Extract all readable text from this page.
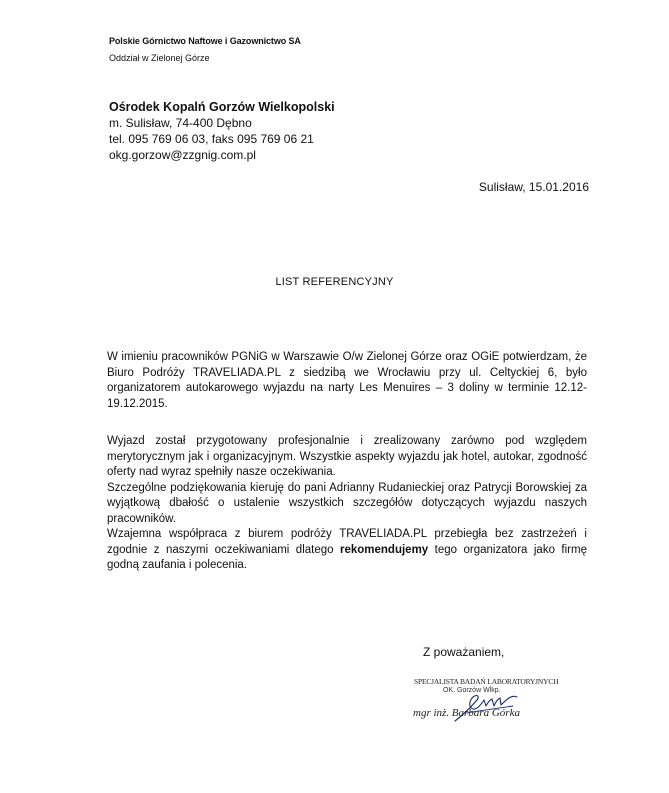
Polskie Górnictwo Naftowe i Gazownictwo SA
Oddział w Zielonej Górze
Ośrodek Kopalń Gorzów Wielkopolski
m. Sulisław, 74-400 Dębno
tel. 095 769 06 03, faks 095 769 06 21
okg.gorzow@zzgnig.com.pl
Sulisław, 15.01.2016
LIST REFERENCYJNY

W imieniu pracowników PGNiG w Warszawie O/w Zielonej Górze oraz OGiE potwierdzam, że Biuro Podróży TRAVELIADA.PL z siedzibą we Wrocławiu przy ul. Celtyckiej 6, było organizatorem autokarowego wyjazdu na narty Les Menuires – 3 doliny w terminie 12.12-19.12.2015.

Wyjazd został przygotowany profesjonalnie i zrealizowany zarówno pod względem merytorycznym jak i organizacyjnym. Wszystkie aspekty wyjazdu jak hotel, autokar, zgodność oferty nad wyraz spełniły nasze oczekiwania.

Szczególne podziękowania kieruję do pani Adrianny Rudanieckiej oraz Patrycji Borowskiej za wyjątkową dbałość o ustalenie wszystkich szczegółów dotyczących wyjazdu naszych pracowników.

Wzajemna współpraca z biurem podróży TRAVELIADA.PL przebiegła bez zastrzeżeń i zgodnie z naszymi oczekiwaniami dlatego rekomendujemy tego organizatora jako firmę godną zaufania i polecenia.

Z poważaniem,
SPECJALISTA BADAŃ LABORATORYJNYCH
OK. Gorzów Wlkp.
mgr inż. Barbara Górka
